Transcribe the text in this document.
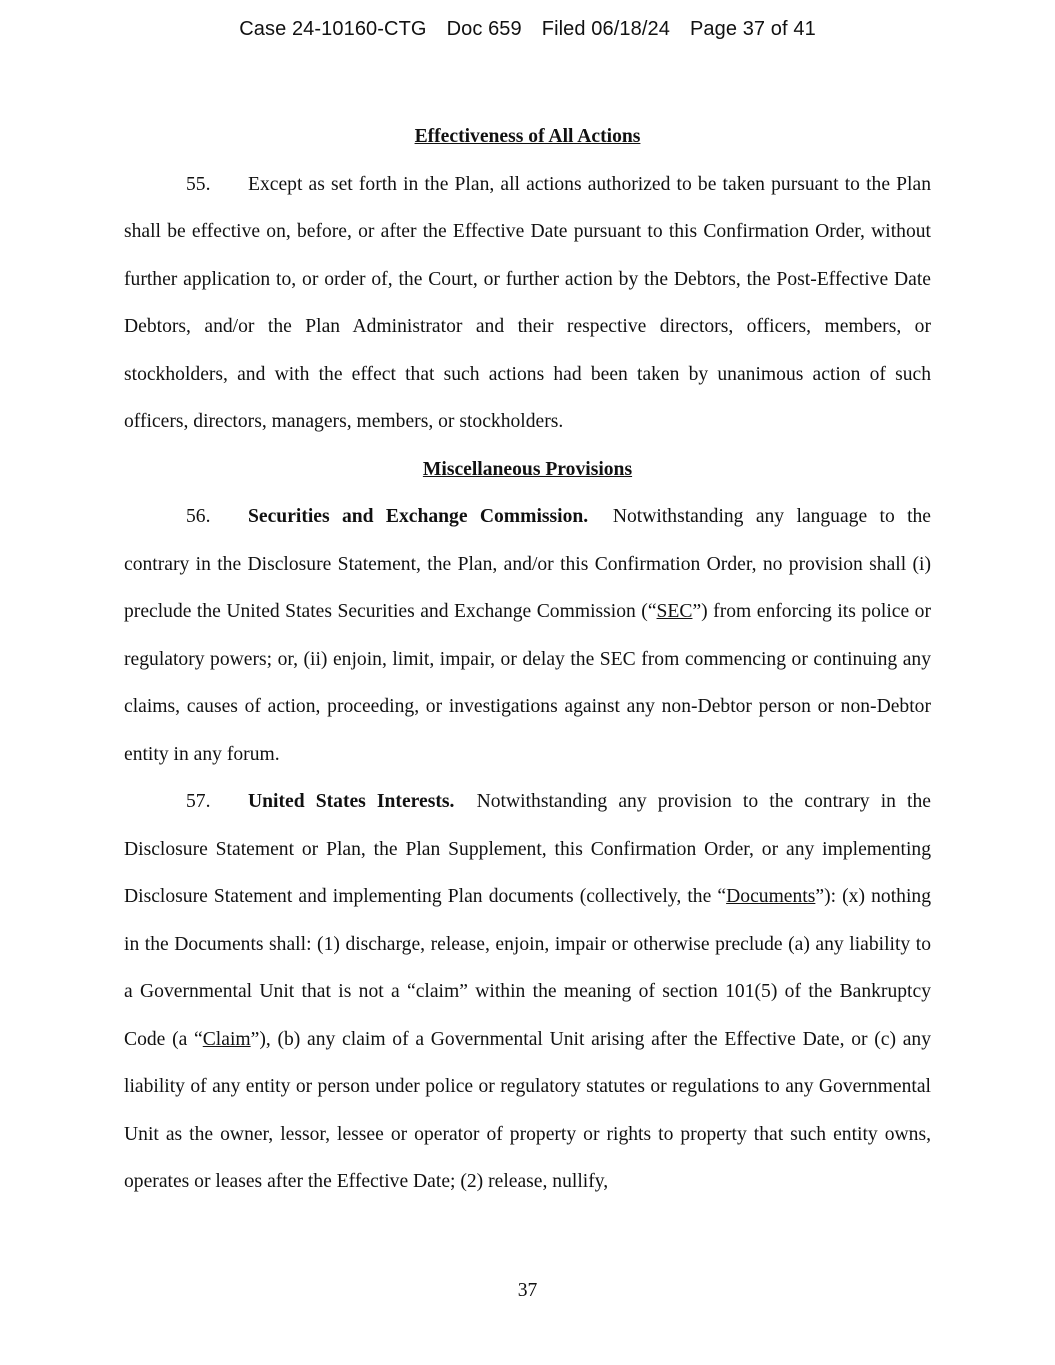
Case 24-10160-CTG Doc 659 Filed 06/18/24 Page 37 of 41
Effectiveness of All Actions
55. Except as set forth in the Plan, all actions authorized to be taken pursuant to the Plan shall be effective on, before, or after the Effective Date pursuant to this Confirmation Order, without further application to, or order of, the Court, or further action by the Debtors, the Post-Effective Date Debtors, and/or the Plan Administrator and their respective directors, officers, members, or stockholders, and with the effect that such actions had been taken by unanimous action of such officers, directors, managers, members, or stockholders.
Miscellaneous Provisions
56. Securities and Exchange Commission. Notwithstanding any language to the contrary in the Disclosure Statement, the Plan, and/or this Confirmation Order, no provision shall (i) preclude the United States Securities and Exchange Commission (“SEC”) from enforcing its police or regulatory powers; or, (ii) enjoin, limit, impair, or delay the SEC from commencing or continuing any claims, causes of action, proceeding, or investigations against any non-Debtor person or non-Debtor entity in any forum.
57. United States Interests. Notwithstanding any provision to the contrary in the Disclosure Statement or Plan, the Plan Supplement, this Confirmation Order, or any implementing Disclosure Statement and implementing Plan documents (collectively, the “Documents”): (x) nothing in the Documents shall: (1) discharge, release, enjoin, impair or otherwise preclude (a) any liability to a Governmental Unit that is not a “claim” within the meaning of section 101(5) of the Bankruptcy Code (a “Claim”), (b) any claim of a Governmental Unit arising after the Effective Date, or (c) any liability of any entity or person under police or regulatory statutes or regulations to any Governmental Unit as the owner, lessor, lessee or operator of property or rights to property that such entity owns, operates or leases after the Effective Date; (2) release, nullify,
37
